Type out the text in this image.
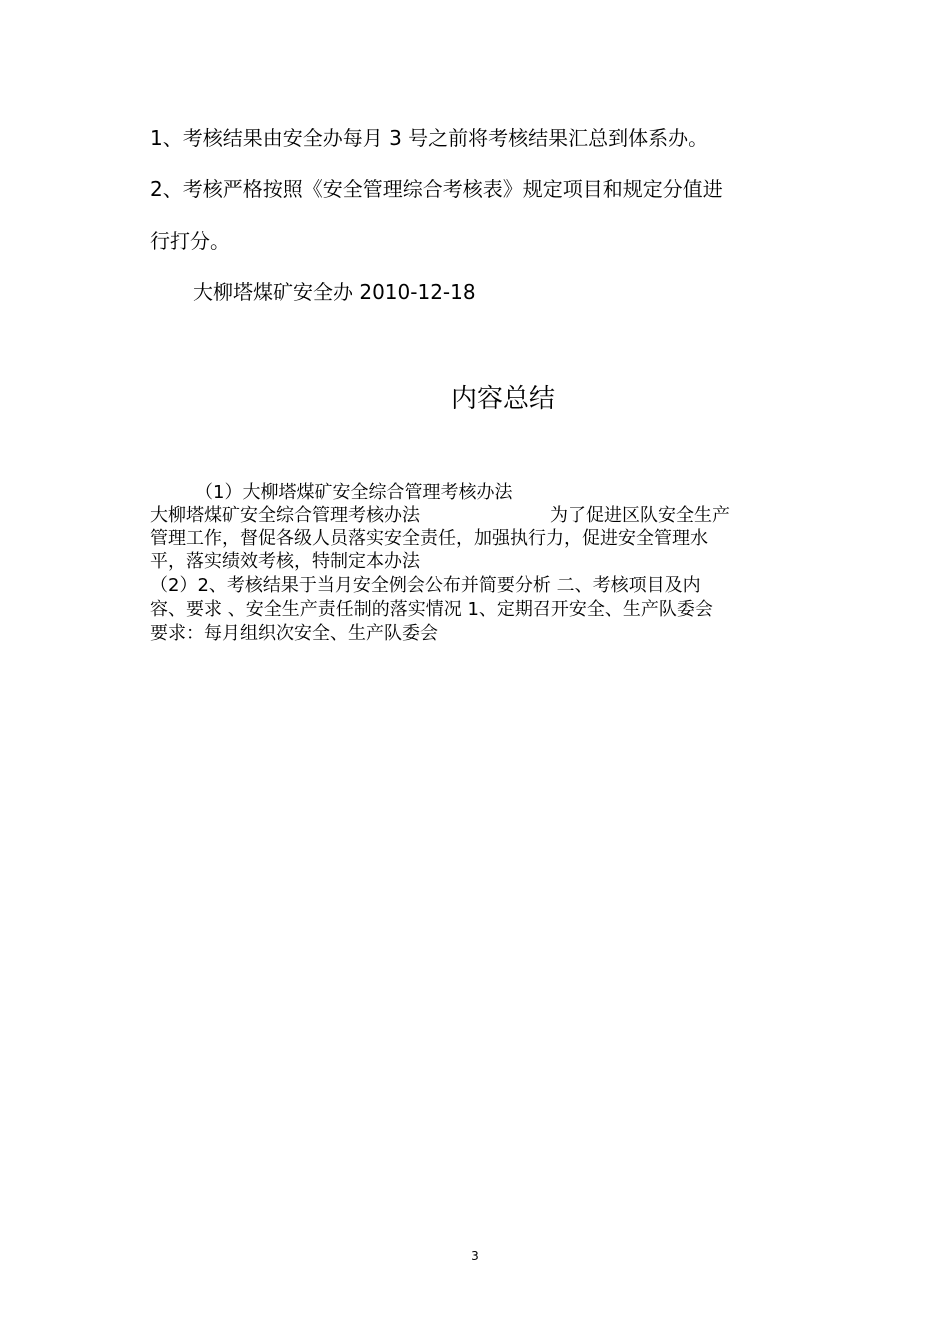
1、考核结果由安全办每月 3 号之前将考核结果汇总到体系办。
2、考核严格按照《安全管理综合考核表》规定项目和规定分值进
行打分。
大柳塔煤矿安全办 2010-12-18
内容总结
（1）大柳塔煤矿安全综合管理考核办法
大柳塔煤矿安全综合管理考核办法	为了促进区队安全生产
管理工作，督促各级人员落实安全责任，加强执行力，促进安全管理水
平，落实绩效考核，特制定本办法
（2）2、考核结果于当月安全例会公布并简要分析 二、考核项目及内
容、要求 、安全生产责任制的落实情况 1、定期召开安全、生产队委会
要求：每月组织次安全、生产队委会
3
